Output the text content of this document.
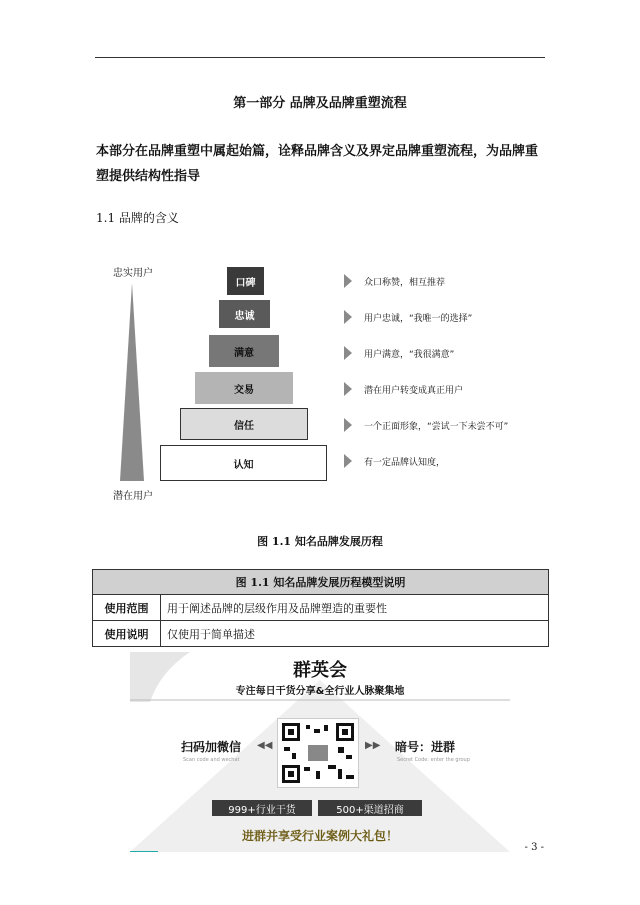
第一部分 品牌及品牌重塑流程
本部分在品牌重塑中属起始篇，诠释品牌含义及界定品牌重塑流程，为品牌重塑提供结构性指导
1.1 品牌的含义
忠实用户
潜在用户
口碑
忠诚
满意
交易
信任
认知
众口称赞，相互推荐
用户忠诚，“我唯一的选择”
用户满意，“我很满意”
潜在用户转变成真正用户
一个正面形象，“尝试一下未尝不可”
有一定品牌认知度，
图 1.1 知名品牌发展历程
图 1.1 知名品牌发展历程模型说明	
使用范围	用于阐述品牌的层级作用及品牌塑造的重要性
使用说明	仅使用于简单描述
群英会
专注每日干货分享&全行业人脉聚集地
扫码加微信
Scan code and wechat
◀◀	▶▶ 暗号：进群
Secret Code: enter the group
999+行业干货	500+渠道招商
进群并享受行业案例大礼包！
- 3 -
